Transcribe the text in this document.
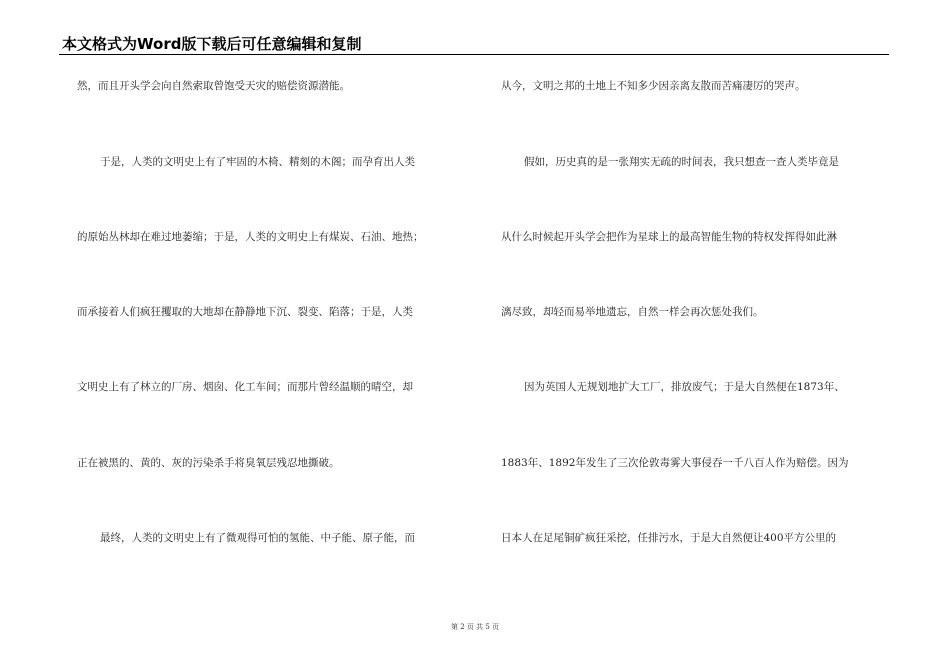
本文格式为Word版下载后可任意编辑和复制
然，而且开头学会向自然索取曾饱受天灾的赔偿资源潜能。
于是，人类的文明史上有了牢固的木椅、精刻的木阁；而孕育出人类
的原始丛林却在难过地萎缩；于是，人类的文明史上有煤炭、石油、地热；
而承接着人们疯狂攫取的大地却在静静地下沉、裂变、陷落；于是，人类
文明史上有了林立的厂房、烟囱、化工车间；而那片曾经温顺的晴空，却
正在被黑的、黄的、灰的污染杀手将臭氧层残忍地撕破。
最终，人类的文明史上有了微观得可怕的氢能、中子能、原子能，而
从今，文明之邦的土地上不知多少因亲离友散而苦痛凄厉的哭声。
假如，历史真的是一张翔实无疏的时间表，我只想查一查人类毕竟是
从什么时候起开头学会把作为星球上的最高智能生物的特权发挥得如此淋
漓尽致，却轻而易举地遗忘，自然一样会再次惩处我们。
因为英国人无规划地扩大工厂，排放废气；于是大自然便在1873年、
1883年、1892年发生了三次伦敦毒雾大事侵吞一千八百人作为赔偿。因为
日本人在足尾铜矿疯狂采挖，任排污水，于是大自然便让400平方公里的
第 2 页 共 5 页
